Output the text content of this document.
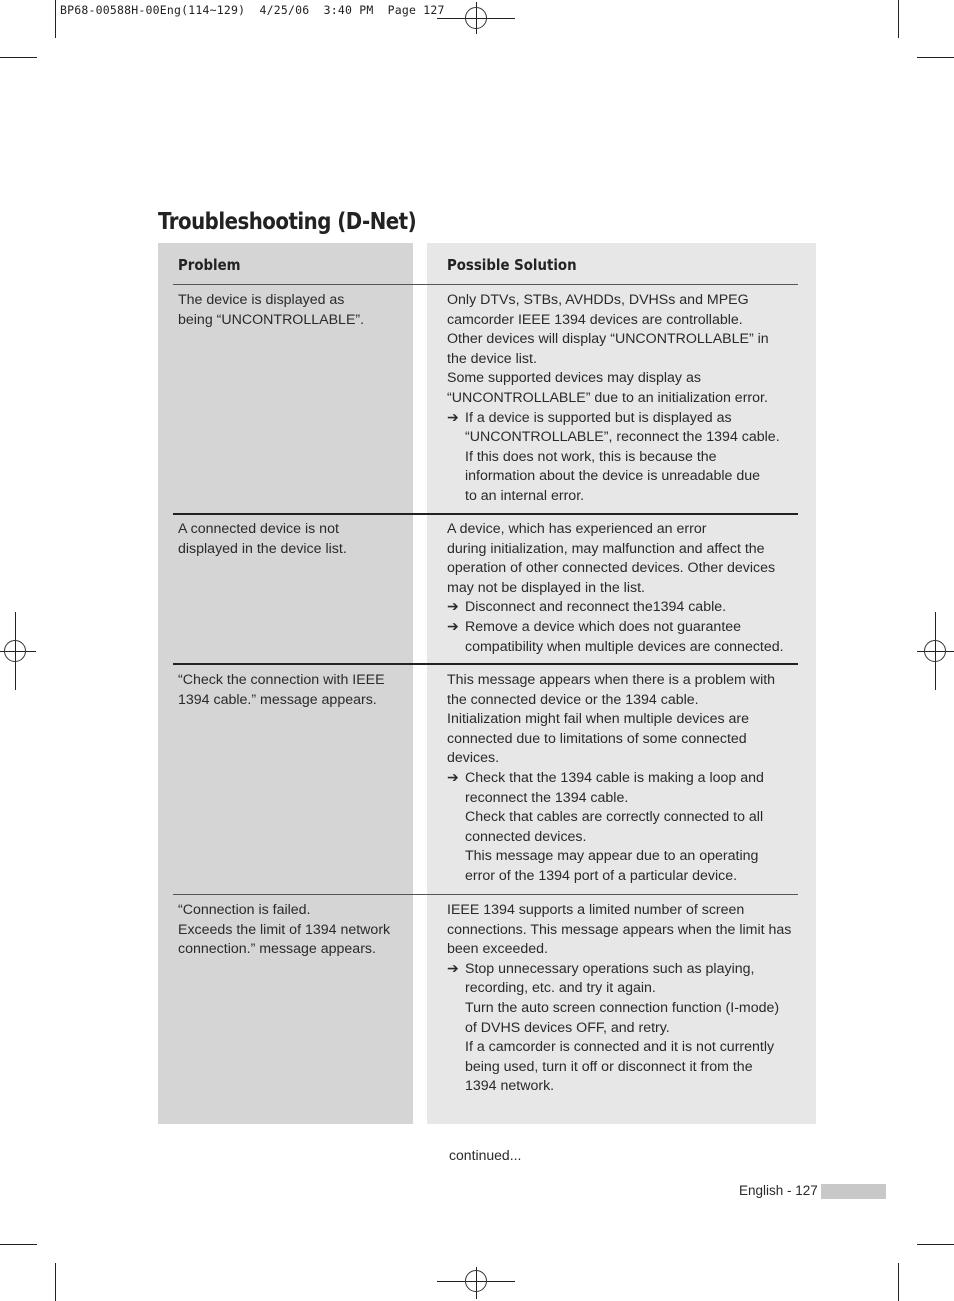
BP68-00588H-00Eng(114~129)  4/25/06  3:40 PM  Page 127
Troubleshooting (D-Net)
Problem	Possible Solution

The device is displayed as

being “UNCONTROLLABLE”.

Only DTVs, STBs, AVHDDs, DVHSs and MPEG

camcorder IEEE 1394 devices are controllable.

Other devices will display “UNCONTROLLABLE” in

the device list.

Some supported devices may display as

“UNCONTROLLABLE” due to an initialization error.

➔ If a device is supported but is displayed as

“UNCONTROLLABLE”, reconnect the 1394 cable.

If this does not work, this is because the

information about the device is unreadable due

to an internal error.

A connected device is not

displayed in the device list.

A device, which has experienced an error

during initialization, may malfunction and affect the

operation of other connected devices. Other devices

may not be displayed in the list.

➔ Disconnect and reconnect the1394 cable.

➔ Remove a device which does not guarantee

compatibility when multiple devices are connected.

“Check the connection with IEEE

1394 cable.” message appears.

This message appears when there is a problem with

the connected device or the 1394 cable.

Initialization might fail when multiple devices are

connected due to limitations of some connected

devices.

➔ Check that the 1394 cable is making a loop and

reconnect the 1394 cable.

Check that cables are correctly connected to all

connected devices.

This message may appear due to an operating

error of the 1394 port of a particular device.

“Connection is failed.

Exceeds the limit of 1394 network

connection.” message appears.

IEEE 1394 supports a limited number of screen

connections. This message appears when the limit has

been exceeded.

➔ Stop unnecessary operations such as playing,

recording, etc. and try it again.

Turn the auto screen connection function (I-mode)

of DVHS devices OFF, and retry.

If a camcorder is connected and it is not currently

being used, turn it off or disconnect it from the

1394 network.

continued...
English - 127
